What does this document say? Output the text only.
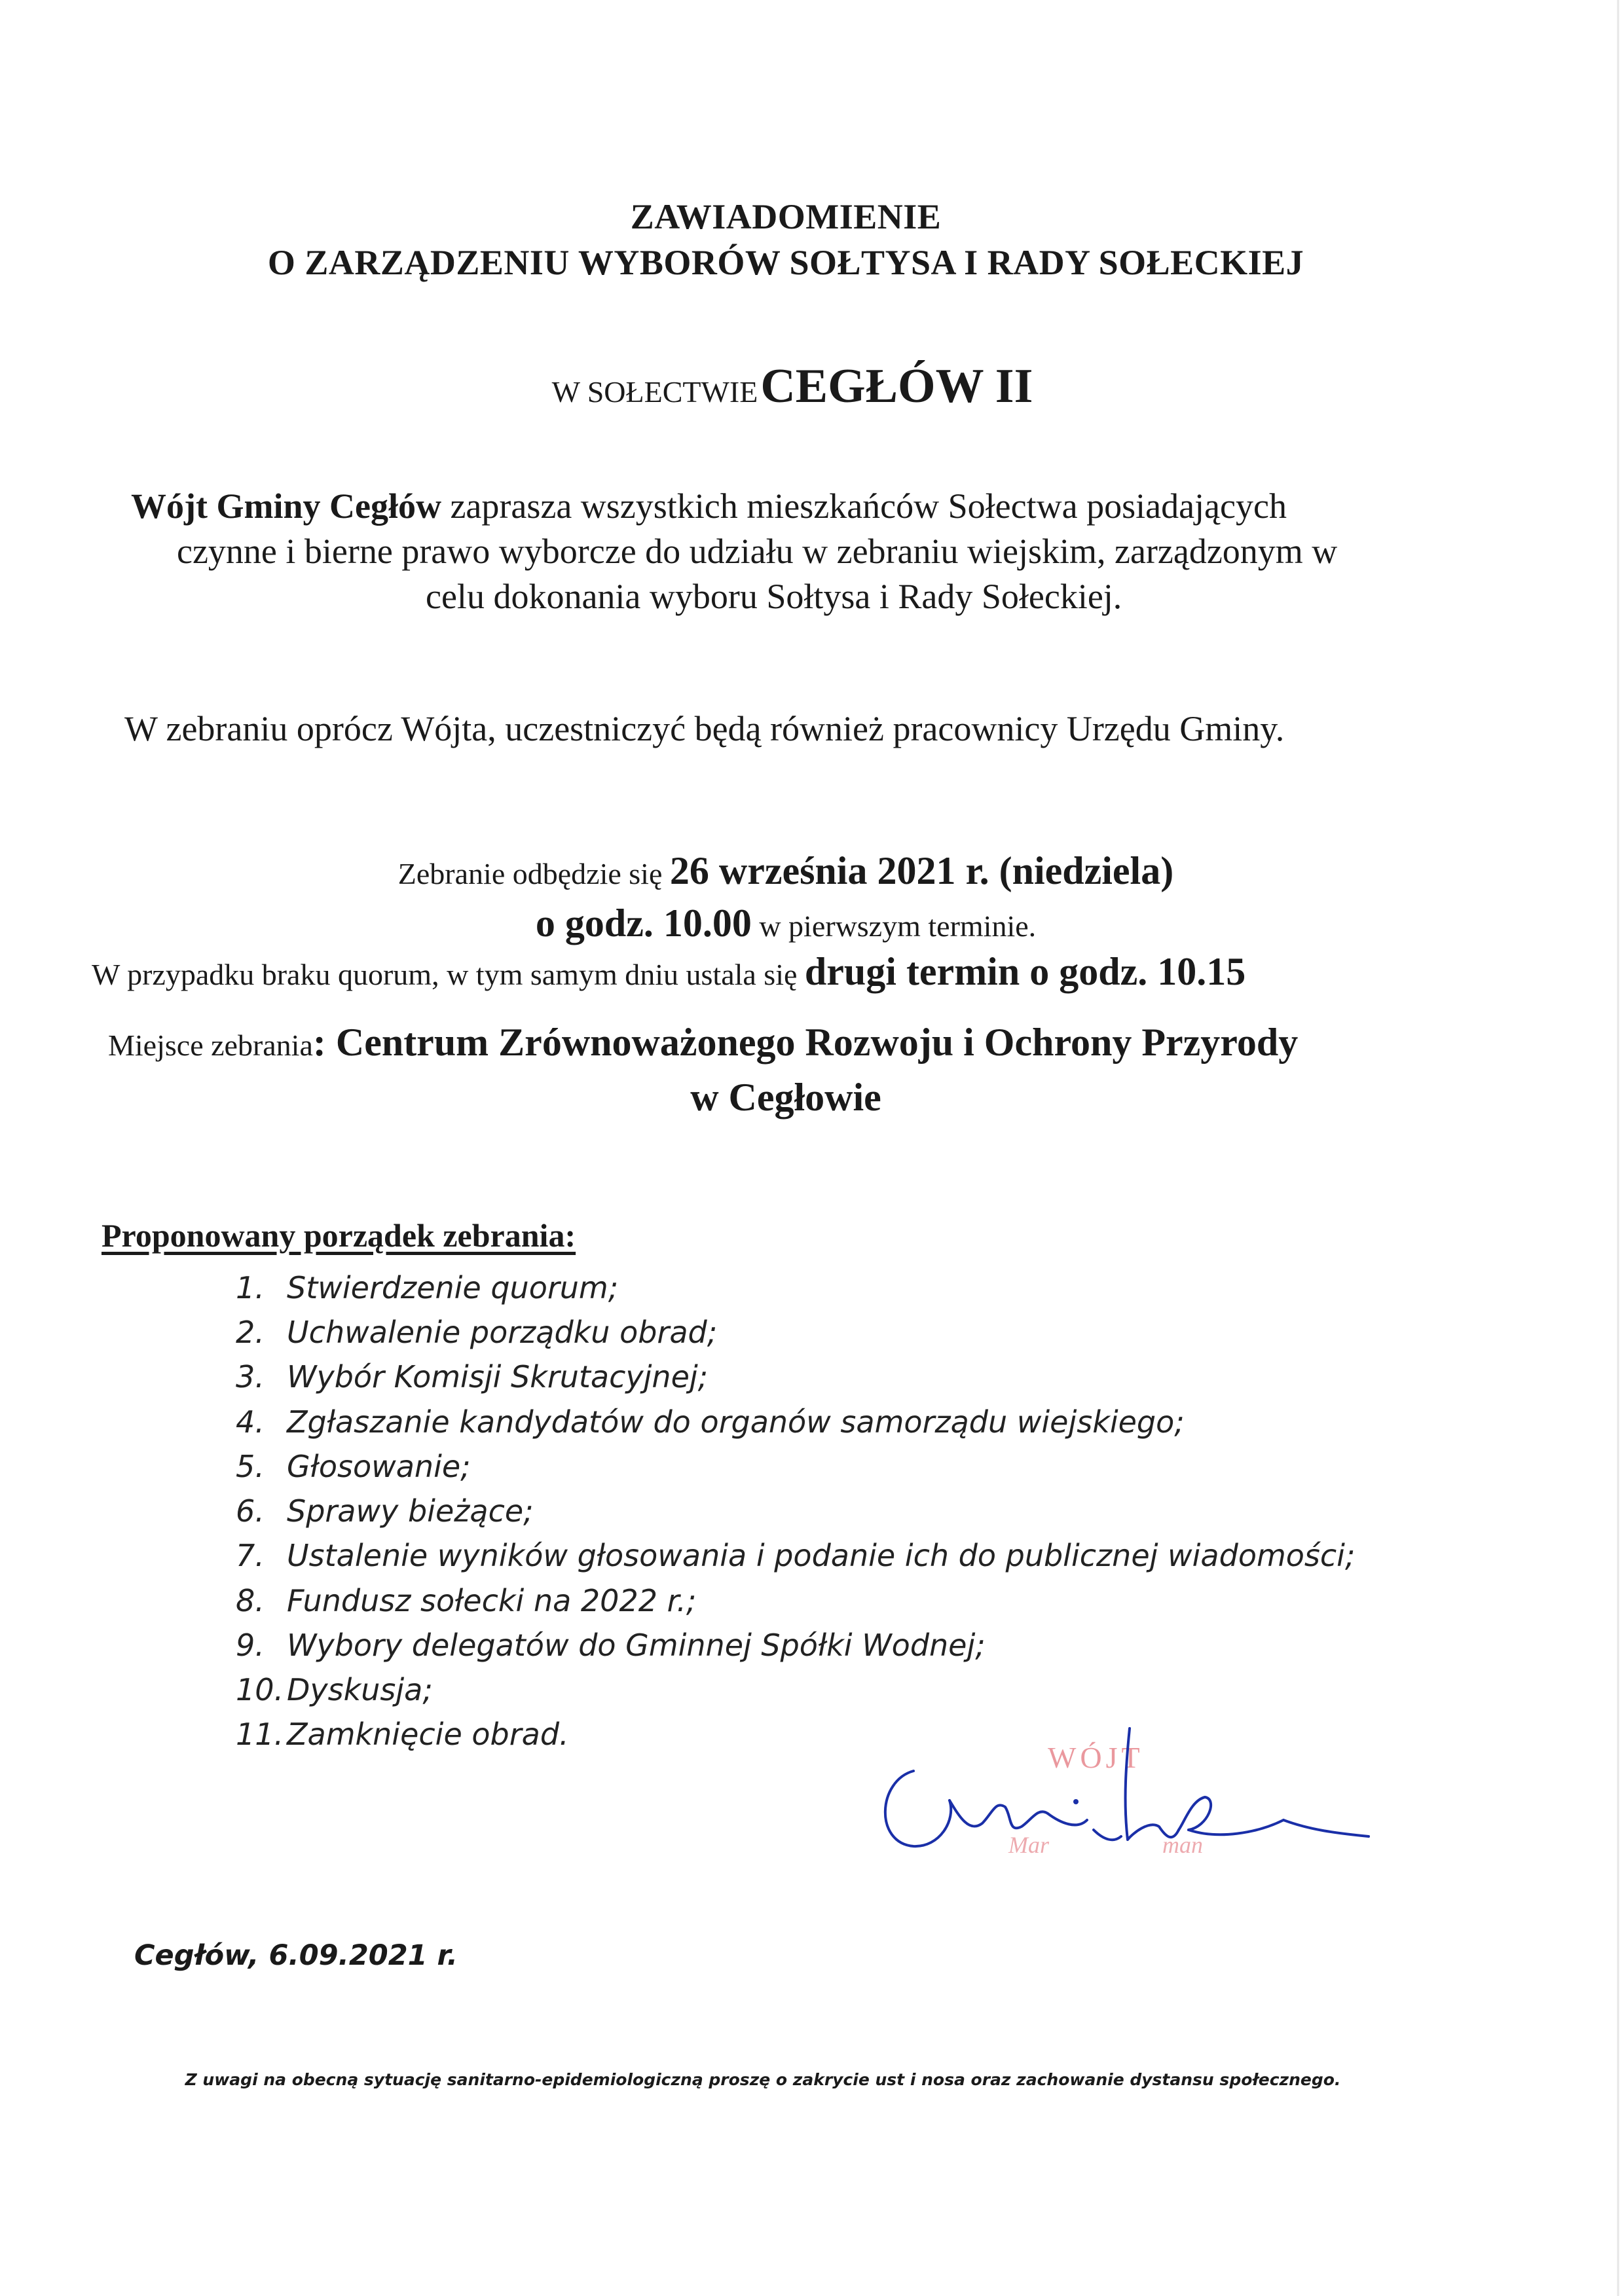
ZAWIADOMIENIE
O ZARZĄDZENIU WYBORÓW SOŁTYSA I RADY SOŁECKIEJ
W SOŁECTWIE CEGŁÓW II
Wójt Gminy Cegłów zaprasza wszystkich mieszkańców Sołectwa posiadających
czynne i bierne prawo wyborcze do udziału w zebraniu wiejskim, zarządzonym w
celu dokonania wyboru Sołtysa i Rady Sołeckiej.
W zebraniu oprócz Wójta, uczestniczyć będą również pracownicy Urzędu Gminy.
Zebranie odbędzie się 26 września 2021 r. (niedziela)
o godz. 10.00 w pierwszym terminie.
W przypadku braku quorum, w tym samym dniu ustala się drugi termin o godz. 10.15
Miejsce zebrania: Centrum Zrównoważonego Rozwoju i Ochrony Przyrody
w Cegłowie
Proponowany porządek zebrania:
1. Stwierdzenie quorum;
2. Uchwalenie porządku obrad;
3. Wybór Komisji Skrutacyjnej;
4. Zgłaszanie kandydatów do organów samorządu wiejskiego;
5. Głosowanie;
6. Sprawy bieżące;
7. Ustalenie wyników głosowania i podanie ich do publicznej wiadomości;
8. Fundusz sołecki na 2022 r.;
9. Wybory delegatów do Gminnej Spółki Wodnej;
10. Dyskusja;
11. Zamknięcie obrad.
Cegłów, 6.09.2021 r.
Z uwagi na obecną sytuację sanitarno-epidemiologiczną proszę o zakrycie ust i nosa oraz zachowanie dystansu społecznego.
WÓJT
Mar	man
